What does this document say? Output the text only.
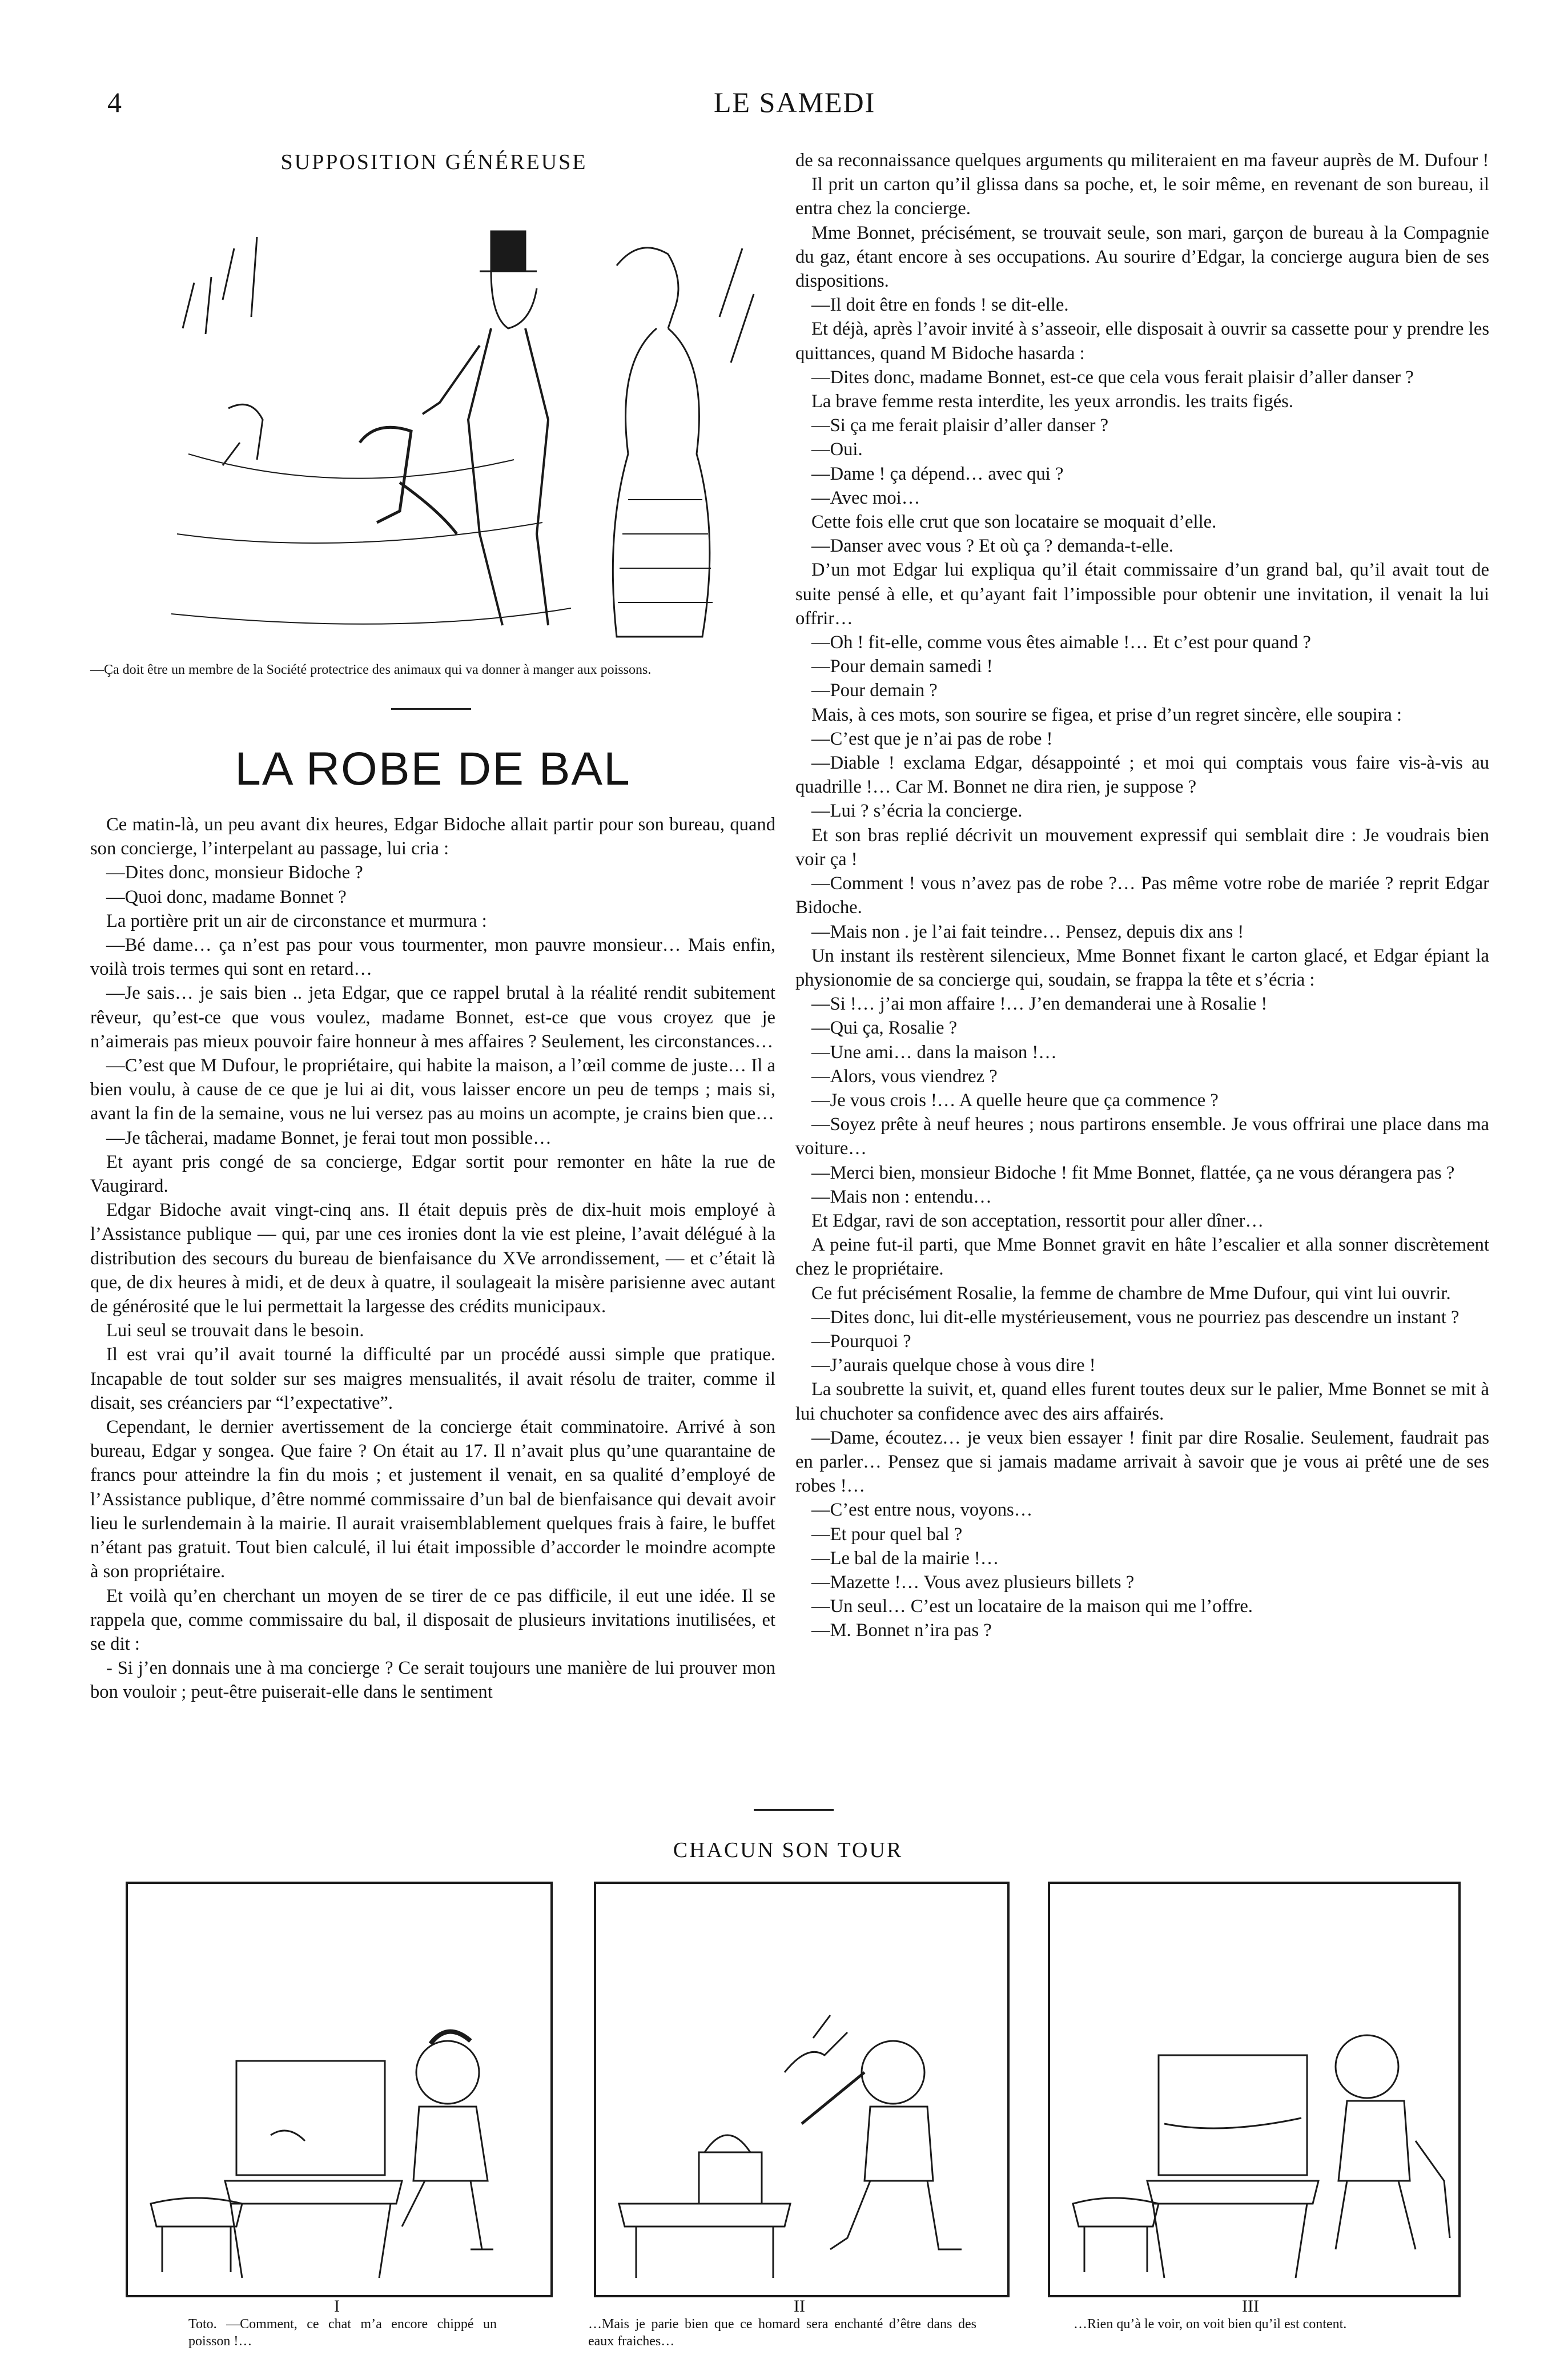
4	LE SAMEDI
SUPPOSITION GÉNÉREUSE
—Ça doit être un membre de la Société protectrice des animaux qui va donner à manger aux poissons.
LA ROBE DE BAL

Ce matin-là, un peu avant dix heures, Edgar Bidoche allait partir pour son bureau, quand son concierge, l’interpelant au passage, lui cria :

—Dites donc, monsieur Bidoche ?

—Quoi donc, madame Bonnet ?

La portière prit un air de circonstance et murmura :

—Bé dame… ça n’est pas pour vous tourmenter, mon pauvre monsieur… Mais enfin, voilà trois termes qui sont en retard…

—Je sais… je sais bien .. jeta Edgar, que ce rappel brutal à la réalité rendit subitement rêveur, qu’est-ce que vous voulez, madame Bonnet, est-ce que vous croyez que je n’aimerais pas mieux pouvoir faire honneur à mes affaires ? Seulement, les circonstances…

—C’est que M Dufour, le propriétaire, qui habite la maison, a l’œil comme de juste… Il a bien voulu, à cause de ce que je lui ai dit, vous laisser encore un peu de temps ; mais si, avant la fin de la semaine, vous ne lui versez pas au moins un acompte, je crains bien que…

—Je tâcherai, madame Bonnet, je ferai tout mon possible…

Et ayant pris congé de sa concierge, Edgar sortit pour remonter en hâte la rue de Vaugirard.

Edgar Bidoche avait vingt-cinq ans. Il était depuis près de dix-huit mois employé à l’Assistance publique — qui, par une ces ironies dont la vie est pleine, l’avait délégué à la distribution des secours du bureau de bienfaisance du XVe arrondissement, — et c’était là que, de dix heures à midi, et de deux à quatre, il soulageait la misère parisienne avec autant de générosité que le lui permettait la largesse des crédits municipaux.

Lui seul se trouvait dans le besoin.

Il est vrai qu’il avait tourné la difficulté par un procédé aussi simple que pratique. Incapable de tout solder sur ses maigres mensualités, il avait résolu de traiter, comme il disait, ses créanciers par “l’expectative”.

Cependant, le dernier avertissement de la concierge était comminatoire. Arrivé à son bureau, Edgar y songea. Que faire ? On était au 17. Il n’avait plus qu’une quarantaine de francs pour atteindre la fin du mois ; et justement il venait, en sa qualité d’employé de l’Assistance publique, d’être nommé commissaire d’un bal de bienfaisance qui devait avoir lieu le surlendemain à la mairie. Il aurait vraisemblablement quelques frais à faire, le buffet n’étant pas gratuit. Tout bien calculé, il lui était impossible d’accorder le moindre acompte à son propriétaire.

Et voilà qu’en cherchant un moyen de se tirer de ce pas difficile, il eut une idée. Il se rappela que, comme commissaire du bal, il disposait de plusieurs invitations inutilisées, et se dit :

- Si j’en donnais une à ma concierge ? Ce serait toujours une manière de lui prouver mon bon vouloir ; peut-être puiserait-elle dans le sentiment

de sa reconnaissance quelques arguments qu militeraient en ma faveur auprès de M. Dufour !

Il prit un carton qu’il glissa dans sa poche, et, le soir même, en revenant de son bureau, il entra chez la concierge.

Mme Bonnet, précisément, se trouvait seule, son mari, garçon de bureau à la Compagnie du gaz, étant encore à ses occupations. Au sourire d’Edgar, la concierge augura bien de ses dispositions.

—Il doit être en fonds ! se dit-elle.

Et déjà, après l’avoir invité à s’asseoir, elle disposait à ouvrir sa cassette pour y prendre les quittances, quand M Bidoche hasarda :

—Dites donc, madame Bonnet, est-ce que cela vous ferait plaisir d’aller danser ?

La brave femme resta interdite, les yeux arrondis. les traits figés.

—Si ça me ferait plaisir d’aller danser ?

—Oui.

—Dame ! ça dépend… avec qui ?

—Avec moi…

Cette fois elle crut que son locataire se moquait d’elle.

—Danser avec vous ? Et où ça ? demanda-t-elle.

D’un mot Edgar lui expliqua qu’il était commissaire d’un grand bal, qu’il avait tout de suite pensé à elle, et qu’ayant fait l’impossible pour obtenir une invitation, il venait la lui offrir…

—Oh ! fit-elle, comme vous êtes aimable !… Et c’est pour quand ?

—Pour demain samedi !

—Pour demain ?

Mais, à ces mots, son sourire se figea, et prise d’un regret sincère, elle soupira :

—C’est que je n’ai pas de robe !

—Diable ! exclama Edgar, désappointé ; et moi qui comptais vous faire vis-à-vis au quadrille !… Car M. Bonnet ne dira rien, je suppose ?

—Lui ? s’écria la concierge.

Et son bras replié décrivit un mouvement expressif qui semblait dire : Je voudrais bien voir ça !

—Comment ! vous n’avez pas de robe ?… Pas même votre robe de mariée ? reprit Edgar Bidoche.

—Mais non . je l’ai fait teindre… Pensez, depuis dix ans !

Un instant ils restèrent silencieux, Mme Bonnet fixant le carton glacé, et Edgar épiant la physionomie de sa concierge qui, soudain, se frappa la tête et s’écria :

—Si !… j’ai mon affaire !… J’en demanderai une à Rosalie !

—Qui ça, Rosalie ?

—Une ami… dans la maison !…

—Alors, vous viendrez ?

—Je vous crois !… A quelle heure que ça commence ?

—Soyez prête à neuf heures ; nous partirons ensemble. Je vous offrirai une place dans ma voiture…

—Merci bien, monsieur Bidoche ! fit Mme Bonnet, flattée, ça ne vous dérangera pas ?

—Mais non : entendu…

Et Edgar, ravi de son acceptation, ressortit pour aller dîner…

A peine fut-il parti, que Mme Bonnet gravit en hâte l’escalier et alla sonner discrètement chez le propriétaire.

Ce fut précisément Rosalie, la femme de chambre de Mme Dufour, qui vint lui ouvrir.

—Dites donc, lui dit-elle mystérieusement, vous ne pourriez pas descendre un instant ?

—Pourquoi ?

—J’aurais quelque chose à vous dire !

La soubrette la suivit, et, quand elles furent toutes deux sur le palier, Mme Bonnet se mit à lui chuchoter sa confidence avec des airs affairés.

—Dame, écoutez… je veux bien essayer ! finit par dire Rosalie. Seulement, faudrait pas en parler… Pensez que si jamais madame arrivait à savoir que je vous ai prêté une de ses robes !…

—C’est entre nous, voyons…

—Et pour quel bal ?

—Le bal de la mairie !…

—Mazette !… Vous avez plusieurs billets ?

—Un seul… C’est un locataire de la maison qui me l’offre.

—M. Bonnet n’ira pas ?

CHACUN SON TOUR
I
Toto. —Comment, ce chat m’a encore chippé un poisson !…
II
…Mais je parie bien que ce homard sera enchanté d’être dans des eaux fraiches…
III
…Rien qu’à le voir, on voit bien qu’il est content.
